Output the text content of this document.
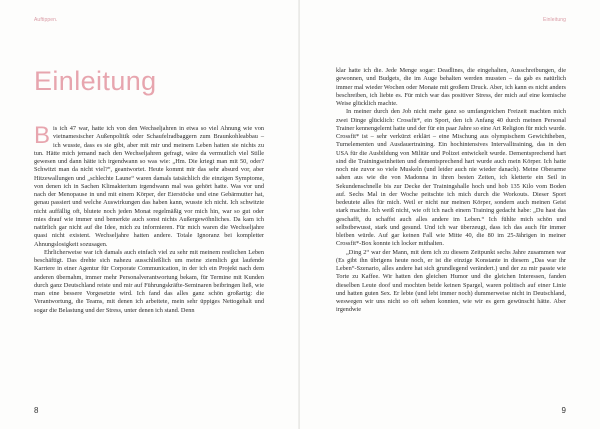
Auftippen.
Einleitung

Bis ich 47 war, hatte ich von den Wechseljahren in etwa so viel Ahnung wie von vietnamesischer Außenpolitik oder Schaufelradbaggern zum Braunkohleabbau – ich wusste, dass es sie gibt, aber mit mir und meinem Leben hatten sie nichts zu tun. Hätte mich jemand nach den Wechseljahren gefragt, wäre da vermutlich viel Stille gewesen und dann hätte ich irgendwann so was wie: „Hm. Die kriegt man mit 50, oder? Schwitzt man da nicht viel?“, geantwortet. Heute kommt mir das sehr absurd vor, aber Hitzewallungen und „schlechte Laune“ waren damals tatsächlich die einzigen Symptome, von denen ich in Sachen Klimakterium irgendwann mal was gehört hatte. Was vor und nach der Menopause in und mit einem Körper, der Eierstöcke und eine Gebärmutter hat, genau passiert und welche Auswirkungen das haben kann, wusste ich nicht. Ich schwitzte nicht auffällig oft, blutete noch jeden Monat regelmäßig vor mich hin, war so gut oder mies drauf wie immer und bemerkte auch sonst nichts Außergewöhnliches. Da kam ich natürlich gar nicht auf die Idee, mich zu informieren. Für mich waren die Wechseljahre quasi nicht existent. Wechseljahre hatten andere. Totale Ignoranz bei kompletter Ahnungslosigkeit sozusagen.

Ehrlicherweise war ich damals auch einfach viel zu sehr mit meinem restlichen Leben beschäftigt. Das drehte sich nahezu ausschließlich um meine ziemlich gut laufende Karriere in einer Agentur für Corporate Communication, in der ich ein Projekt nach dem anderen übernahm, immer mehr Personalverantwortung bekam, für Termine mit Kunden durch ganz Deutschland reiste und mir auf Führungskräfte-Seminaren beibringen ließ, wie man eine bessere Vorgesetzte wird. Ich fand das alles ganz schön großartig: die Verantwortung, die Teams, mit denen ich arbeitete, mein sehr üppiges Nettogehalt und sogar die Belastung und der Stress, unter denen ich stand. Denn

8
Einleitung
9

klar hatte ich die. Jede Menge sogar: Deadlines, die eingehalten, Ausschreibungen, die gewonnen, und Budgets, die im Auge behalten werden mussten – da gab es natürlich immer mal wieder Wochen oder Monate mit großem Druck. Aber, ich kann es nicht anders beschreiben, ich liebte es. Für mich war das positiver Stress, der mich auf eine komische Weise glücklich machte.

In meiner durch den Job nicht mehr ganz so umfangreichen Freizeit machten mich zwei Dinge glücklich: Crossfit*, ein Sport, den ich Anfang 40 durch meinen Personal Trainer kennengelernt hatte und der für ein paar Jahre so eine Art Religion für mich wurde. Crossfit* ist – sehr verkürzt erklärt – eine Mischung aus olympischem Gewichtheben, Turnelementen und Ausdauertraining. Ein hochintensives Intervalltraining, das in den USA für die Ausbildung von Militär und Polizei entwickelt wurde. Dementsprechend hart sind die Trainingseinheiten und dementsprechend hart wurde auch mein Körper. Ich hatte noch nie zuvor so viele Muskeln (und leider auch nie wieder danach). Meine Oberarme sahen aus wie die von Madonna in ihren besten Zeiten, ich kletterte ein Seil in Sekundenschnelle bis zur Decke der Trainingshalle hoch und hob 135 Kilo vom Boden auf. Sechs Mal in der Woche peitschte ich mich durch die Workouts. Dieser Sport bedeutete alles für mich. Weil er nicht nur meinen Körper, sondern auch meinen Geist stark machte. Ich weiß nicht, wie oft ich nach einem Training gedacht habe: „Du hast das geschafft, du schaffst auch alles andere im Leben.“ Ich fühlte mich schön und selbstbewusst, stark und gesund. Und ich war überzeugt, dass ich das auch für immer bleiben würde. Auf gar keinen Fall wie Mitte 40, die 80 im 25-Jährigen in meiner Crossfit*-Box konnte ich locker mithalten.

„Ding 2“ war der Mann, mit dem ich zu diesem Zeitpunkt sechs Jahre zusammen war (Es gibt ihn übrigens heute noch, er ist die einzige Konstante in diesem „Das war ihr Leben“-Szenario, alles andere hat sich grundlegend verändert.) und der zu mir passte wie Torte zu Kaffee. Wir hatten den gleichen Humor und die gleichen Interessen, fanden dieselben Leute doof und mochten beide keinen Spargel, waren politisch auf einer Linie und hatten guten Sex. Er lebte (und lebt immer noch) dummerweise nicht in Deutschland, weswegen wir uns nicht so oft sehen konnten, wie wir es gern gewünscht hätte. Aber irgendwie
